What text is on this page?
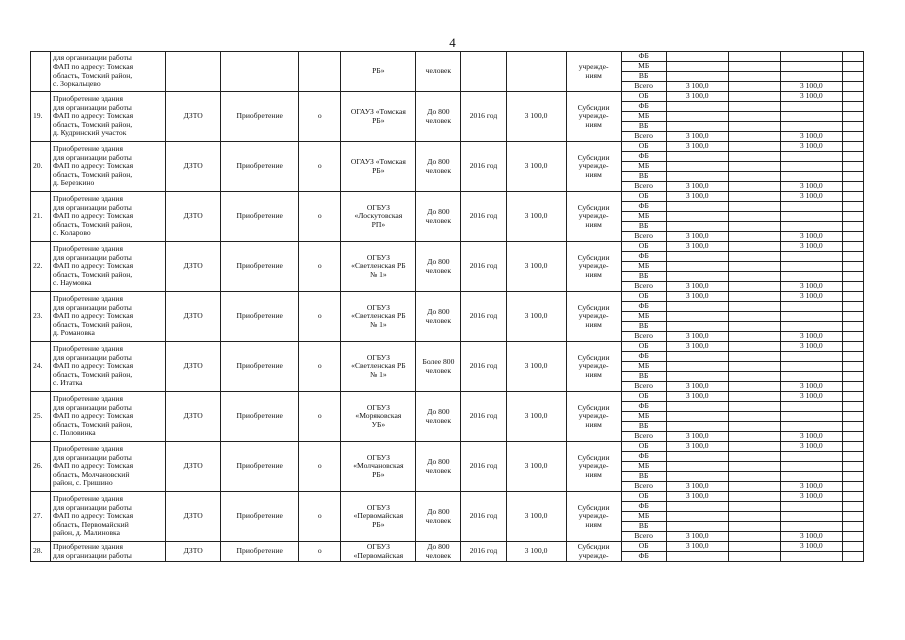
4

	для организации работы
ФАП по адресу: Томская
область, Томский район,
с. Зоркальцево				РБ»	человек			учрежде-
ниям	ФБ				
										МБ				
										ВБ				
										Всего	3 100,0		3 100,0	
19.	Приобретение здания
для организации работы
ФАП по адресу: Томская
область, Томский район,
д. Кудринский участок	ДЗТО	Приобретение	о	ОГАУЗ «Томская
РБ»	До 800
человек	2016 год	3 100,0	Субсидии
учрежде-
ниям	ОБ	3 100,0		3 100,0	
										ФБ				
										МБ				
										ВБ				
										Всего	3 100,0		3 100,0	
20.	Приобретение здания
для организации работы
ФАП по адресу: Томская
область, Томский район,
д. Березкино	ДЗТО	Приобретение	о	ОГАУЗ «Томская
РБ»	До 800
человек	2016 год	3 100,0	Субсидии
учрежде-
ниям	ОБ	3 100,0		3 100,0	
										ФБ				
										МБ				
										ВБ				
										Всего	3 100,0		3 100,0	
21.	Приобретение здания
для организации работы
ФАП по адресу: Томская
область, Томский район,
с. Коларово	ДЗТО	Приобретение	о	ОГБУЗ
«Лоскутовская
РП»	До 800
человек	2016 год	3 100,0	Субсидии
учрежде-
ниям	ОБ	3 100,0		3 100,0	
										ФБ				
										МБ				
										ВБ				
										Всего	3 100,0		3 100,0	
22.	Приобретение здания
для организации работы
ФАП по адресу: Томская
область, Томский район,
с. Наумовка	ДЗТО	Приобретение	о	ОГБУЗ
«Светленская РБ
№ 1»	До 800
человек	2016 год	3 100,0	Субсидии
учрежде-
ниям	ОБ	3 100,0		3 100,0	
										ФБ				
										МБ				
										ВБ				
										Всего	3 100,0		3 100,0	
23.	Приобретение здания
для организации работы
ФАП по адресу: Томская
область, Томский район,
д. Романовка	ДЗТО	Приобретение	о	ОГБУЗ
«Светленская РБ
№ 1»	До 800
человек	2016 год	3 100,0	Субсидии
учрежде-
ниям	ОБ	3 100,0		3 100,0	
										ФБ				
										МБ				
										ВБ				
										Всего	3 100,0		3 100,0	
24.	Приобретение здания
для организации работы
ФАП по адресу: Томская
область, Томский район,
с. Итатка	ДЗТО	Приобретение	о	ОГБУЗ
«Светленская РБ
№ 1»	Более 800
человек	2016 год	3 100,0	Субсидии
учрежде-
ниям	ОБ	3 100,0		3 100,0	
										ФБ				
										МБ				
										ВБ				
										Всего	3 100,0		3 100,0	
25.	Приобретение здания
для организации работы
ФАП по адресу: Томская
область, Томский район,
с. Половинка	ДЗТО	Приобретение	о	ОГБУЗ
«Моряковская
УБ»	До 800
человек	2016 год	3 100,0	Субсидии
учрежде-
ниям	ОБ	3 100,0		3 100,0	
										ФБ				
										МБ				
										ВБ				
										Всего	3 100,0		3 100,0	
26.	Приобретение здания
для организации работы
ФАП по адресу: Томская
область, Молчановский
район, с. Гришино	ДЗТО	Приобретение	о	ОГБУЗ
«Молчановская
РБ»	До 800
человек	2016 год	3 100,0	Субсидии
учрежде-
ниям	ОБ	3 100,0		3 100,0	
										ФБ				
										МБ				
										ВБ				
										Всего	3 100,0		3 100,0	
27.	Приобретение здания
для организации работы
ФАП по адресу: Томская
область, Первомайский
район, д. Малиновка	ДЗТО	Приобретение	о	ОГБУЗ
«Первомайская
РБ»	До 800
человек	2016 год	3 100,0	Субсидии
учрежде-
ниям	ОБ	3 100,0		3 100,0	
										ФБ				
										МБ				
										ВБ				
										Всего	3 100,0		3 100,0	
28.	Приобретение здания
для организации работы	ДЗТО	Приобретение	о	ОГБУЗ
«Первомайская	До 800
человек	2016 год	3 100,0	Субсидии
учрежде-	ОБ	3 100,0		3 100,0	
										ФБ				
